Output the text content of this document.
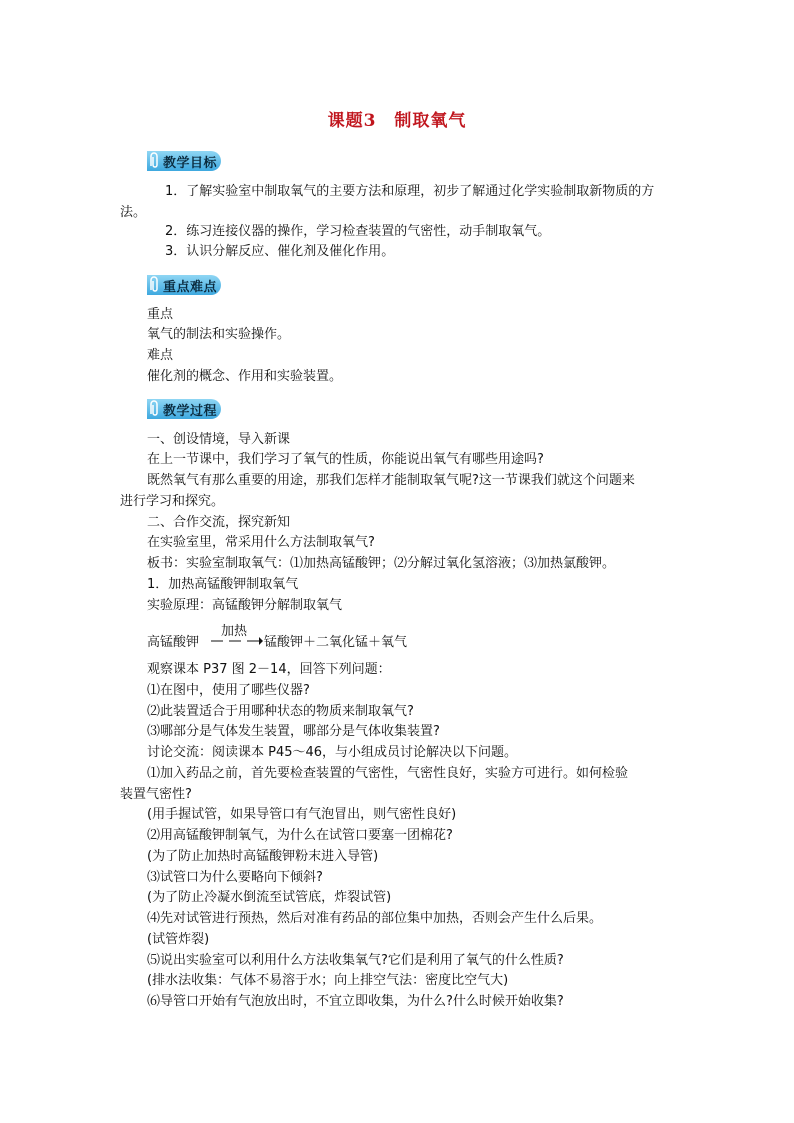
课题3　制取氧气
教学目标
1．了解实验室中制取氧气的主要方法和原理，初步了解通过化学实验制取新物质的方
法。
2．练习连接仪器的操作，学习检查装置的气密性，动手制取氧气。
3．认识分解反应、催化剂及催化作用。
重点难点
重点
氧气的制法和实验操作。
难点
催化剂的概念、作用和实验装置。
教学过程
一、创设情境，导入新课
在上一节课中，我们学习了氧气的性质，你能说出氧气有哪些用途吗?
既然氧气有那么重要的用途，那我们怎样才能制取氧气呢?这一节课我们就这个问题来
进行学习和探究。
二、合作交流，探究新知
在实验室里，常采用什么方法制取氧气?
板书：实验室制取氧气：⑴加热高锰酸钾；⑵分解过氧化氢溶液；⑶加热氯酸钾。
1．加热高锰酸钾制取氧气
实验原理：高锰酸钾分解制取氧气
高锰酸钾
加热
锰酸钾＋二氧化锰＋氧气
观察课本 P37 图 2－14，回答下列问题：
⑴在图中，使用了哪些仪器?
⑵此装置适合于用哪种状态的物质来制取氧气?
⑶哪部分是气体发生装置，哪部分是气体收集装置?
讨论交流：阅读课本 P45～46，与小组成员讨论解决以下问题。
⑴加入药品之前，首先要检查装置的气密性，气密性良好，实验方可进行。如何检验
装置气密性?
(用手握试管，如果导管口有气泡冒出，则气密性良好)
⑵用高锰酸钾制氧气，为什么在试管口要塞一团棉花?
(为了防止加热时高锰酸钾粉末进入导管)
⑶试管口为什么要略向下倾斜?
(为了防止冷凝水倒流至试管底，炸裂试管)
⑷先对试管进行预热，然后对准有药品的部位集中加热，否则会产生什么后果。
(试管炸裂)
⑸说出实验室可以利用什么方法收集氧气?它们是利用了氧气的什么性质?
(排水法收集：气体不易溶于水；向上排空气法：密度比空气大)
⑹导管口开始有气泡放出时，不宜立即收集，为什么?什么时候开始收集?
